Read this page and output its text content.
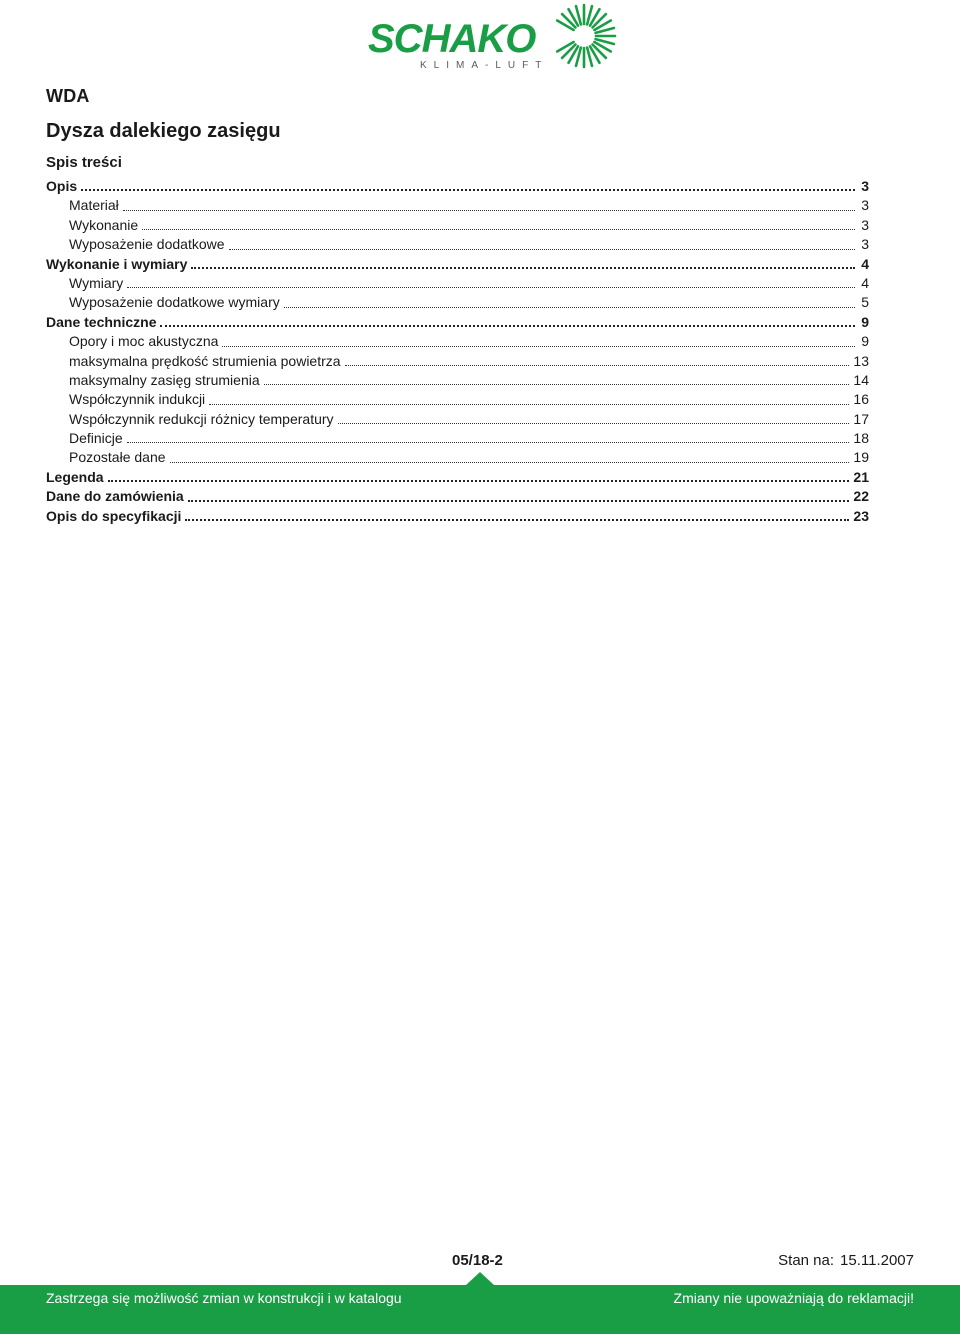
SCHAKO
KLIMA-LUFT
WDA
Dysza dalekiego zasięgu
Spis treści
Opis	3
Materiał	3
Wykonanie	3
Wyposażenie dodatkowe	3
Wykonanie i wymiary	4
Wymiary	4
Wyposażenie dodatkowe wymiary	5
Dane techniczne	9
Opory i moc akustyczna	9
maksymalna prędkość strumienia powietrza	13
maksymalny zasięg strumienia	14
Współczynnik indukcji	16
Współczynnik redukcji różnicy temperatury	17
Definicje	18
Pozostałe dane	19
Legenda	21
Dane do zamówienia	22
Opis do specyfikacji	23
05/18-2	Stan na: 15.11.2007
Zastrzega się możliwość zmian w konstrukcji i w katalogu	Zmiany nie upoważniają do reklamacji!
